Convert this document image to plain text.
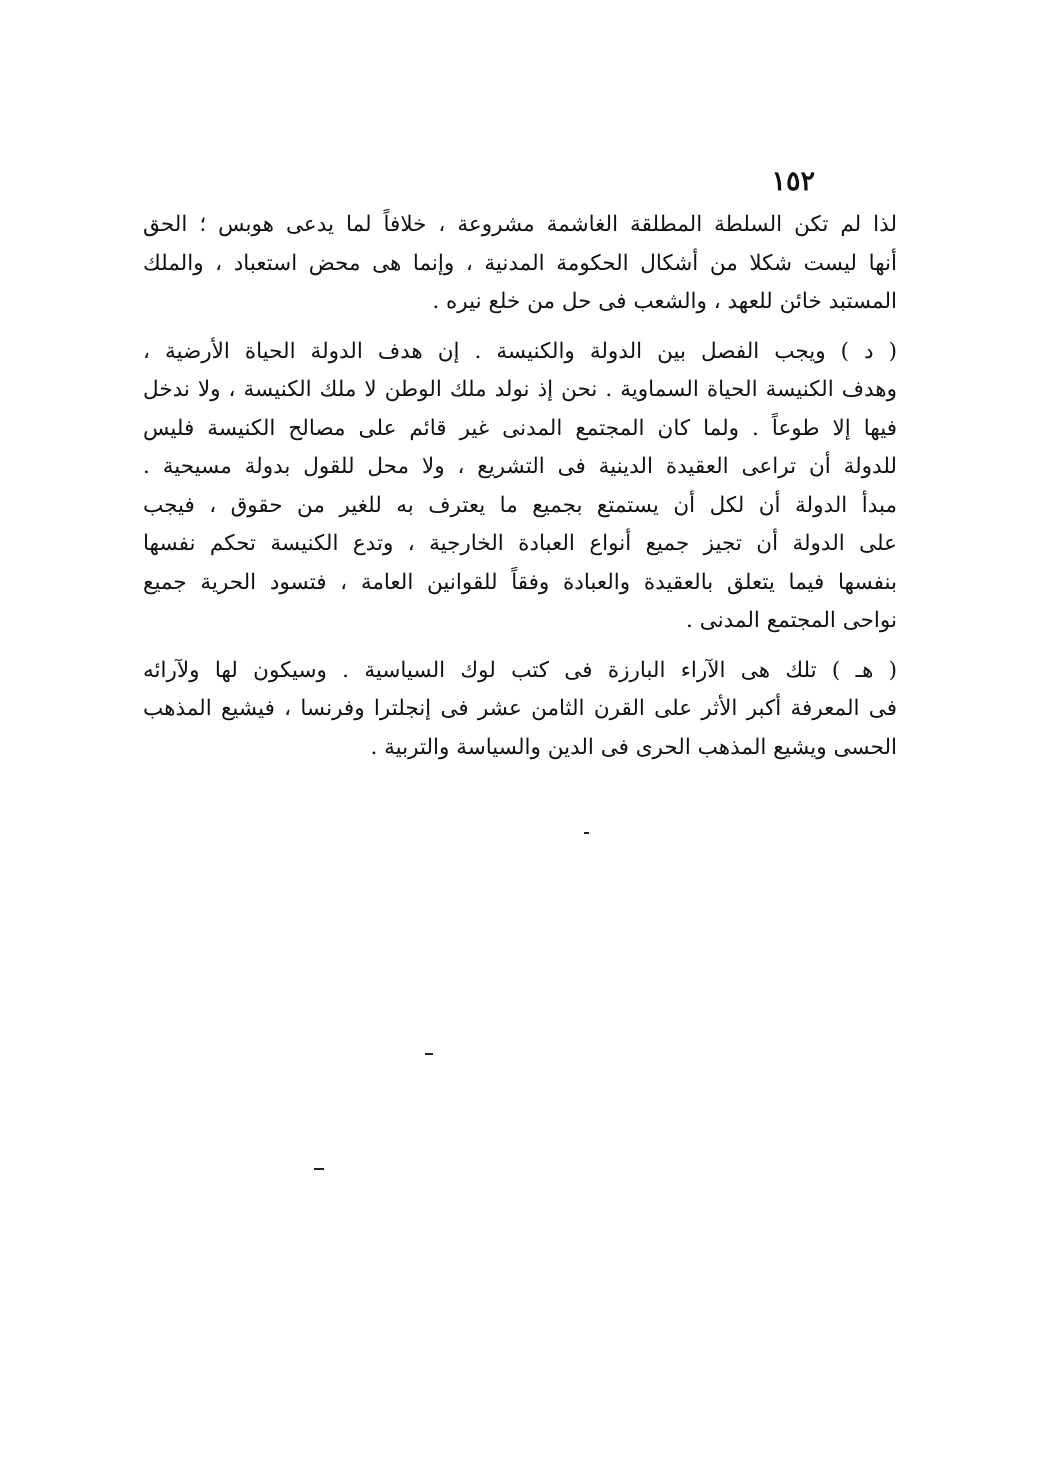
١٥٢

لذا لم تكن السلطة المطلقة الغاشمة مشروعة ، خلافاً لما يدعى هوبس ؛ الحق
أنها ليست شكلا من أشكال الحكومة المدنية ، وإنما هى محض استعباد ، والملك
المستبد خائن للعهد ، والشعب فى حل من خلع نيره .

( د ) ويجب الفصل بين الدولة والكنيسة . إن هدف الدولة الحياة الأرضية ،
وهدف الكنيسة الحياة السماوية . نحن إذ نولد ملك الوطن لا ملك الكنيسة ، ولا ندخل
فيها إلا طوعاً . ولما كان المجتمع المدنى غير قائم على مصالح الكنيسة فليس
للدولة أن تراعى العقيدة الدينية فى التشريع ، ولا محل للقول بدولة مسيحية .
مبدأ الدولة أن لكل أن يستمتع بجميع ما يعترف به للغير من حقوق ، فيجب
على الدولة أن تجيز جميع أنواع العبادة الخارجية ، وتدع الكنيسة تحكم نفسها
بنفسها فيما يتعلق بالعقيدة والعبادة وفقاً للقوانين العامة ، فتسود الحرية جميع
نواحى المجتمع المدنى .

( هـ ) تلك هى الآراء البارزة فى كتب لوك السياسية . وسيكون لها ولآرائه
فى المعرفة أكبر الأثر على القرن الثامن عشر فى إنجلترا وفرنسا ، فيشيع المذهب
الحسى ويشيع المذهب الحرى فى الدين والسياسة والتربية .
